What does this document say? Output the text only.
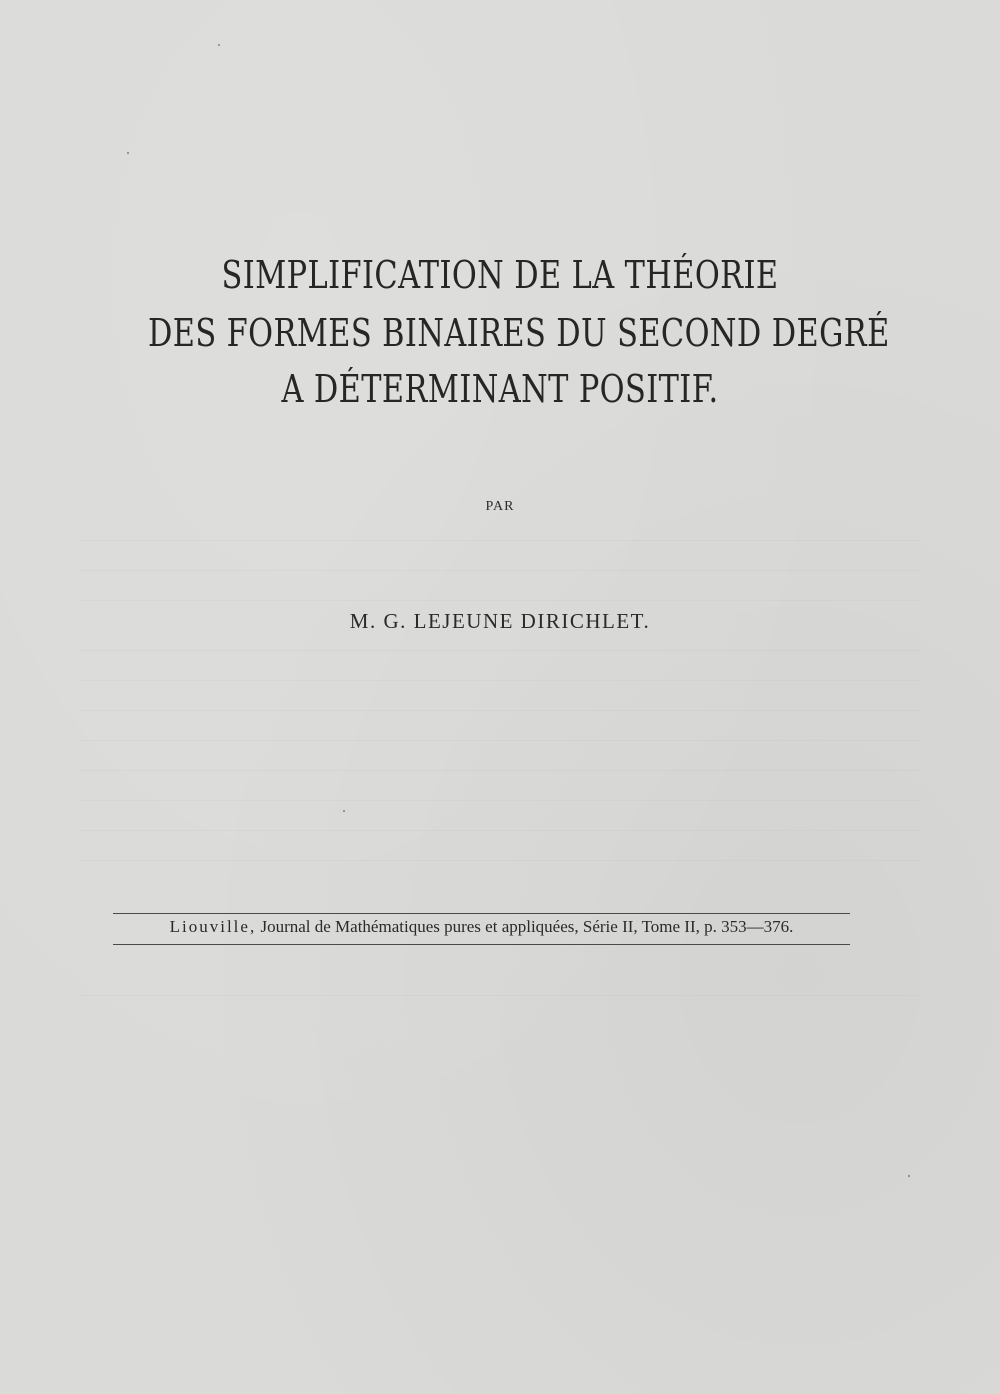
SIMPLIFICATION DE LA THÉORIE
DES FORMES BINAIRES DU SECOND DEGRÉ
A DÉTERMINANT POSITIF.
PAR
M. G. LEJEUNE DIRICHLET.
Liouville, Journal de Mathématiques pures et appliquées, Série II, Tome II, p. 353—376.
